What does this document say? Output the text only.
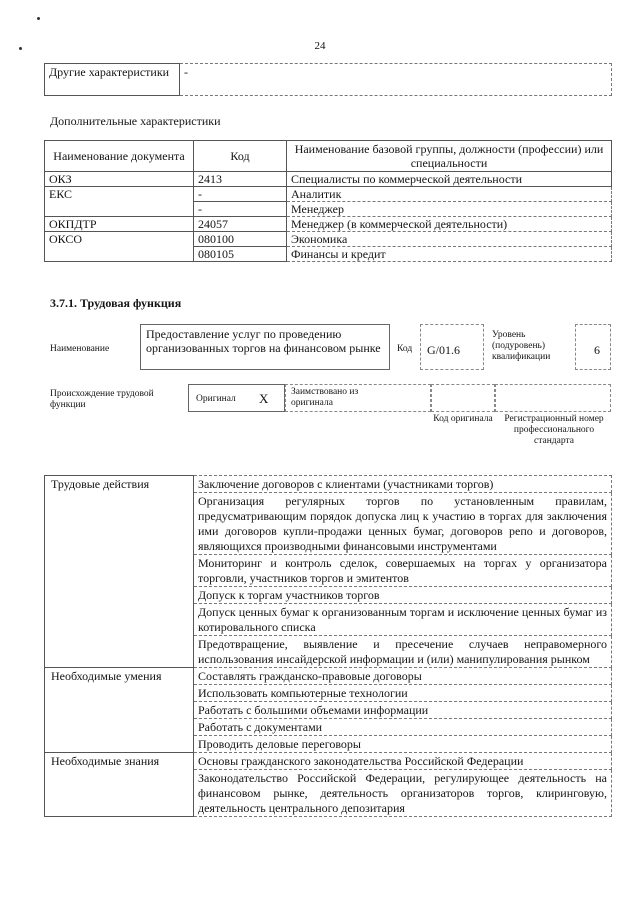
24
Другие характеристики	-
Дополнительные характеристики
Наименование документа	Код	Наименование базовой группы, должности (профессии) или специальности
ОКЗ	2413	Специалисты по коммерческой деятельности
ЕКС	-	Аналитик
	-	Менеджер
ОКПДТР	24057	Менеджер (в коммерческой деятельности)
ОКСО	080100	Экономика
	080105	Финансы и кредит
3.7.1. Трудовая функция
Наименование
Предоставление услуг по проведению организованных торгов на финансовом рынке	Код	G/01.6
Уровень (подуровень) квалификации	6
Происхождение трудовой функции
Оригинал X Заимствовано из оригинала
Код оригинала	Регистрационный номер профессионального стандарта
Трудовые действия	Заключение договоров с клиентами (участниками торгов)
	Организация регулярных торгов по установленным правилам, предусматривающим порядок допуска лиц к участию в торгах для заключения ими договоров купли-продажи ценных бумаг, договоров репо и договоров, являющихся производными финансовыми инструментами
	Мониторинг и контроль сделок, совершаемых на торгах у организатора торговли, участников торгов и эмитентов
	Допуск к торгам участников торгов
	Допуск ценных бумаг к организованным торгам и исключение ценных бумаг из котировального списка
	Предотвращение, выявление и пресечение случаев неправомерного использования инсайдерской информации и (или) манипулирования рынком
Необходимые умения	Составлять гражданско-правовые договоры
	Использовать компьютерные технологии
	Работать с большими объемами информации
	Работать с документами
	Проводить деловые переговоры
Необходимые знания	Основы гражданского законодательства Российской Федерации
	Законодательство Российской Федерации, регулирующее деятельность на финансовом рынке, деятельность организаторов торгов, клиринговую, деятельность центрального депозитария
